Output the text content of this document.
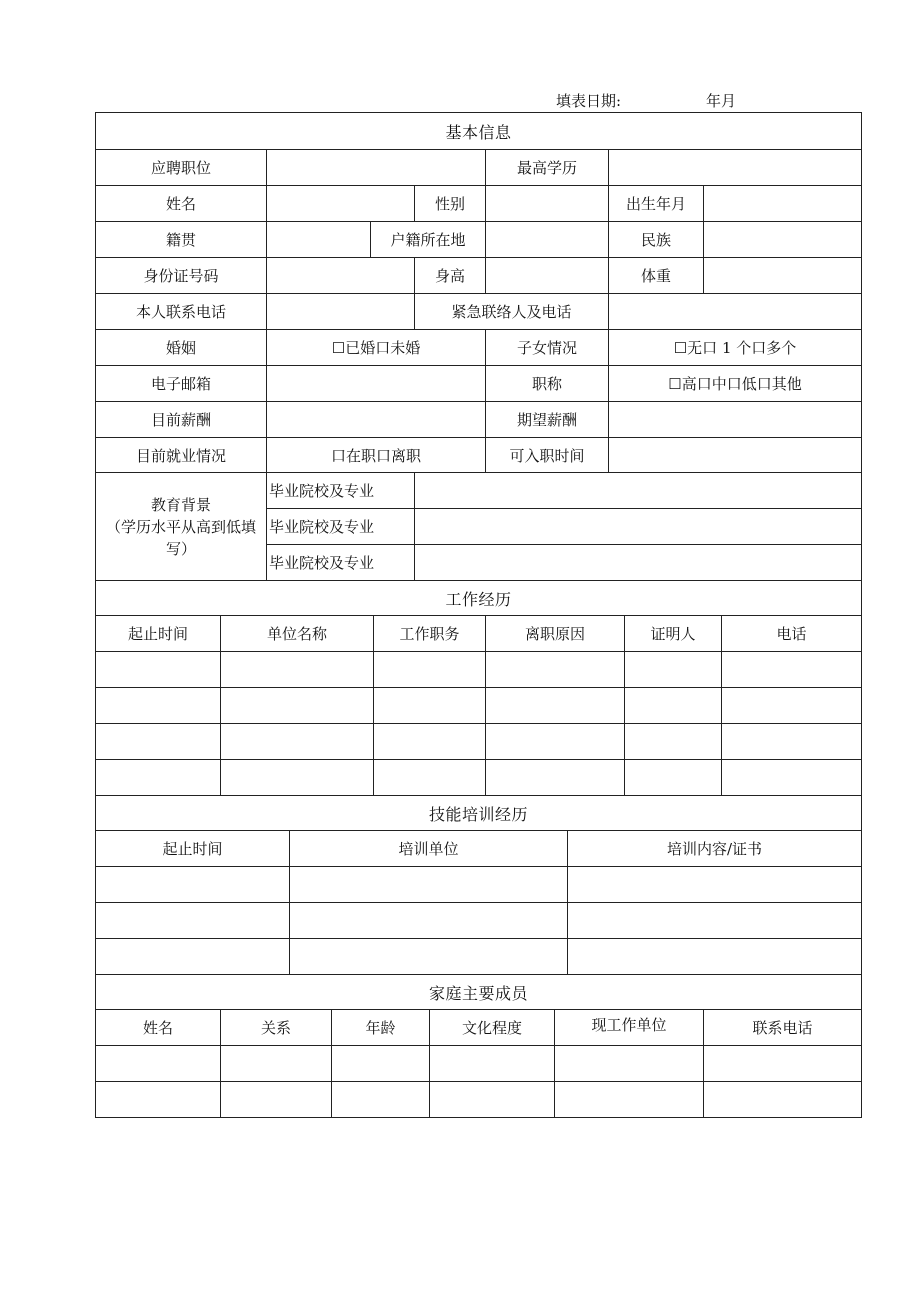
填表日期:	年月
基本信息
应聘职位	最高学历
姓名	性别	出生年月
籍贯	户籍所在地	民族
身份证号码	身高	体重
本人联系电话	紧急联络人及电话
婚姻	☐已婚口未婚	子女情况	☐无口 1 个口多个
电子邮箱	职称	☐高口中口低口其他
目前薪酬	期望薪酬
目前就业情况	口在职口离职	可入职时间
教育背景
（学历水平从高到低填写）
毕业院校及专业
毕业院校及专业
毕业院校及专业
工作经历
起止时间	单位名称	工作职务	离职原因	证明人	电话
技能培训经历
起止时间	培训单位	培训内容/证书
家庭主要成员
姓名	关系	年龄	文化程度	现工作单位	联系电话
